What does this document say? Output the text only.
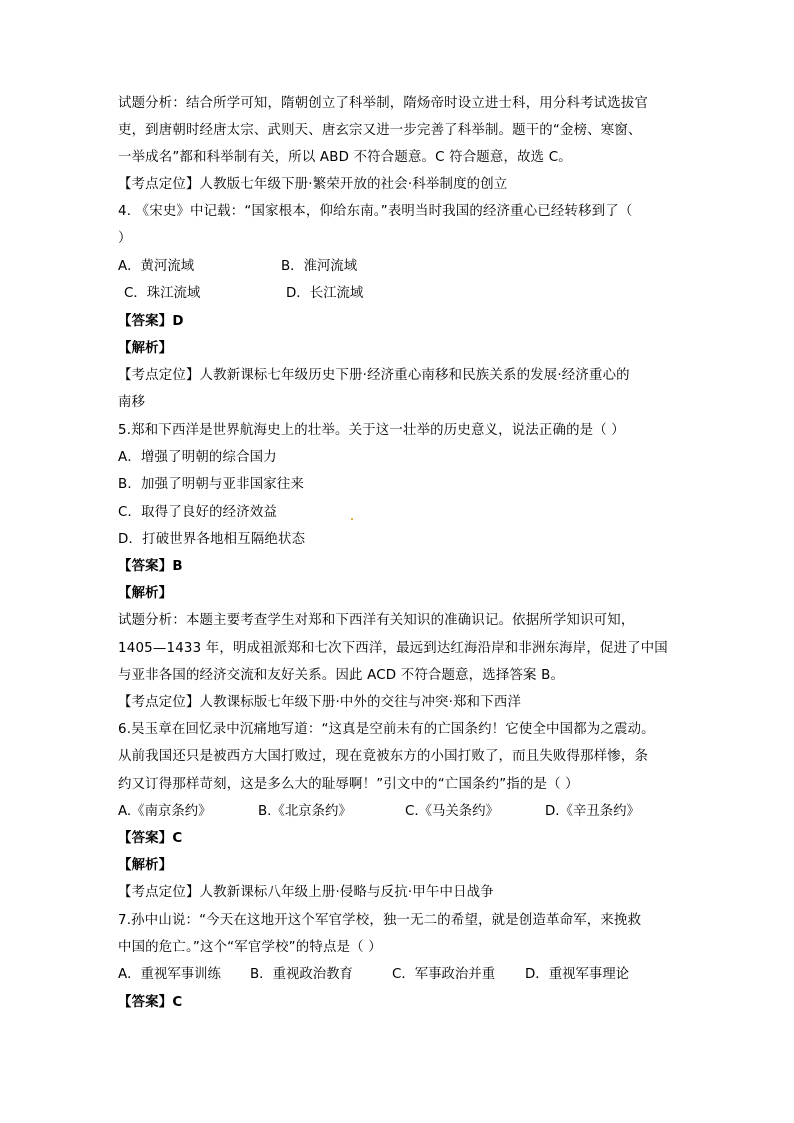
试题分析：结合所学可知，隋朝创立了科举制，隋炀帝时设立进士科，用分科考试选拔官
吏，到唐朝时经唐太宗、武则天、唐玄宗又进一步完善了科举制。题干的“金榜、寒窗、
一举成名”都和科举制有关，所以 ABD 不符合题意。C 符合题意，故选 C。
【考点定位】人教版七年级下册·繁荣开放的社会·科举制度的创立
4. 《宋史》中记载：“国家根本，仰给东南。”表明当时我国的经济重心已经转移到了（
）
A．黄河流域	B．淮河流域
C．珠江流域	D．长江流域
【答案】D
【解析】
【考点定位】人教新课标七年级历史下册·经济重心南移和民族关系的发展·经济重心的
南移
5.郑和下西洋是世界航海史上的壮举。关于这一壮举的历史意义，说法正确的是（ ）
A．增强了明朝的综合国力
B．加强了明朝与亚非国家往来
C．取得了良好的经济效益
D．打破世界各地相互隔绝状态
【答案】B
【解析】
试题分析：本题主要考查学生对郑和下西洋有关知识的准确识记。依据所学知识可知，
1405—1433 年，明成祖派郑和七次下西洋，最远到达红海沿岸和非洲东海岸，促进了中国
与亚非各国的经济交流和友好关系。因此 ACD 不符合题意，选择答案 B。
【考点定位】人教课标版七年级下册·中外的交往与冲突·郑和下西洋
6.吴玉章在回忆录中沉痛地写道：“这真是空前未有的亡国条约！它使全中国都为之震动。
从前我国还只是被西方大国打败过，现在竟被东方的小国打败了，而且失败得那样惨，条
约又订得那样苛刻，这是多么大的耻辱啊！”引文中的“亡国条约”指的是（ ）
A.《南京条约》	B.《北京条约》	C.《马关条约》	D.《辛丑条约》
【答案】C
【解析】
【考点定位】人教新课标八年级上册·侵略与反抗·甲午中日战争
7.孙中山说：“今天在这地开这个军官学校，独一无二的希望，就是创造革命军，来挽救
中国的危亡。”这个“军官学校”的特点是（ ）
A．重视军事训练 B．重视政治教育	C．军事政治并重 D．重视军事理论
【答案】C
